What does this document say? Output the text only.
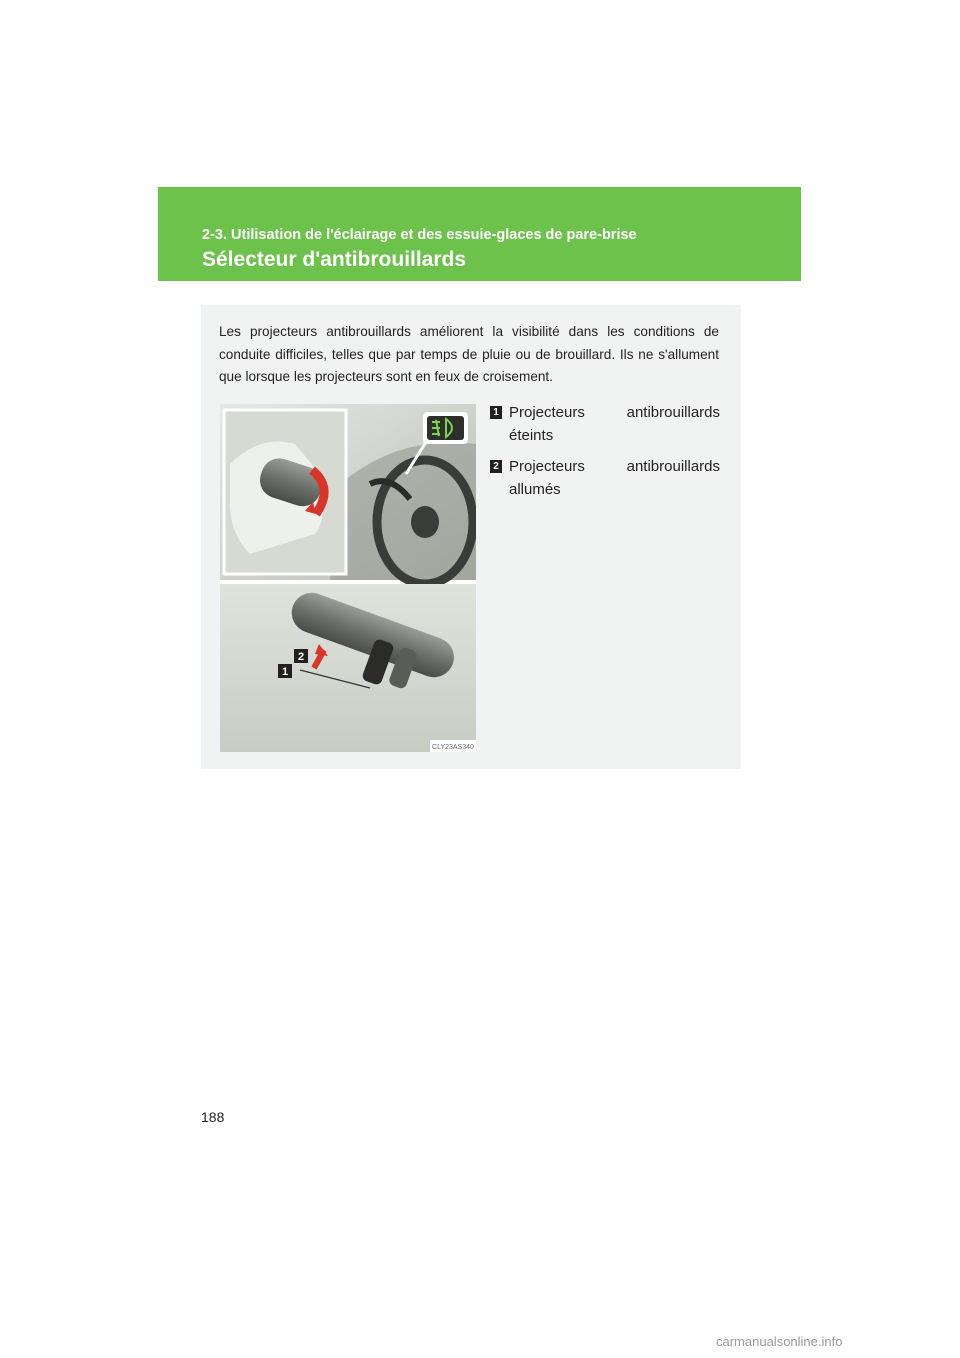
2-3. Utilisation de l'éclairage et des essuie-glaces de pare-brise
Sélecteur d'antibrouillards
Les projecteurs antibrouillards améliorent la visibilité dans les conditions de conduite difficiles, telles que par temps de pluie ou de brouillard. Ils ne s'allument que lorsque les projecteurs sont en feux de croisement.
1
2
CLY23AS340
1 Projecteurs	antibrouillards
éteints
2 Projecteurs	antibrouillards
allumés
188
carmanualsonline.info
